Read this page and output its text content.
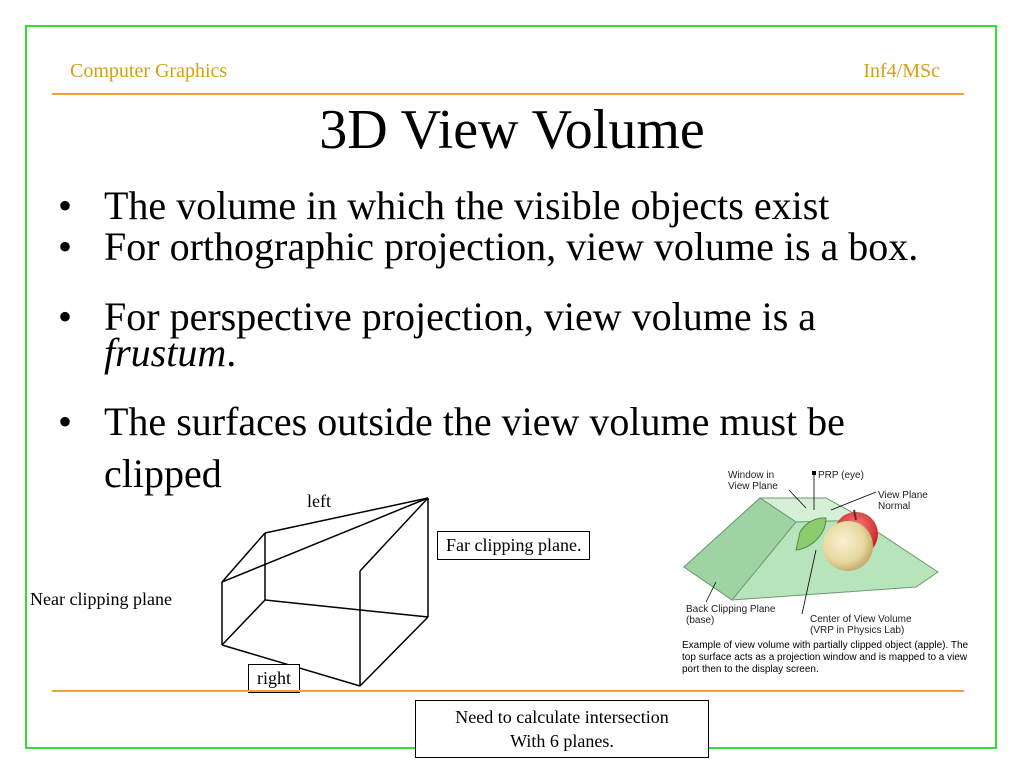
Computer Graphics	Inf4/MSc
3D View Volume
• The volume in which the visible objects exist
• For orthographic projection, view volume is a box.
• For perspective projection, view volume is a frustum.
• The surfaces outside the view volume must be clipped
left
Near clipping plane
Far clipping plane.
right
Window in
View Plane
PRP (eye)
View Plane
Normal
Back Clipping Plane
(base)	Center of View Volume
(VRP in Physics Lab)
Example of view volume with partially clipped object (apple). The top surface acts as a projection window and is mapped to a view port then to the display screen.
Need to calculate intersection
With 6 planes.
